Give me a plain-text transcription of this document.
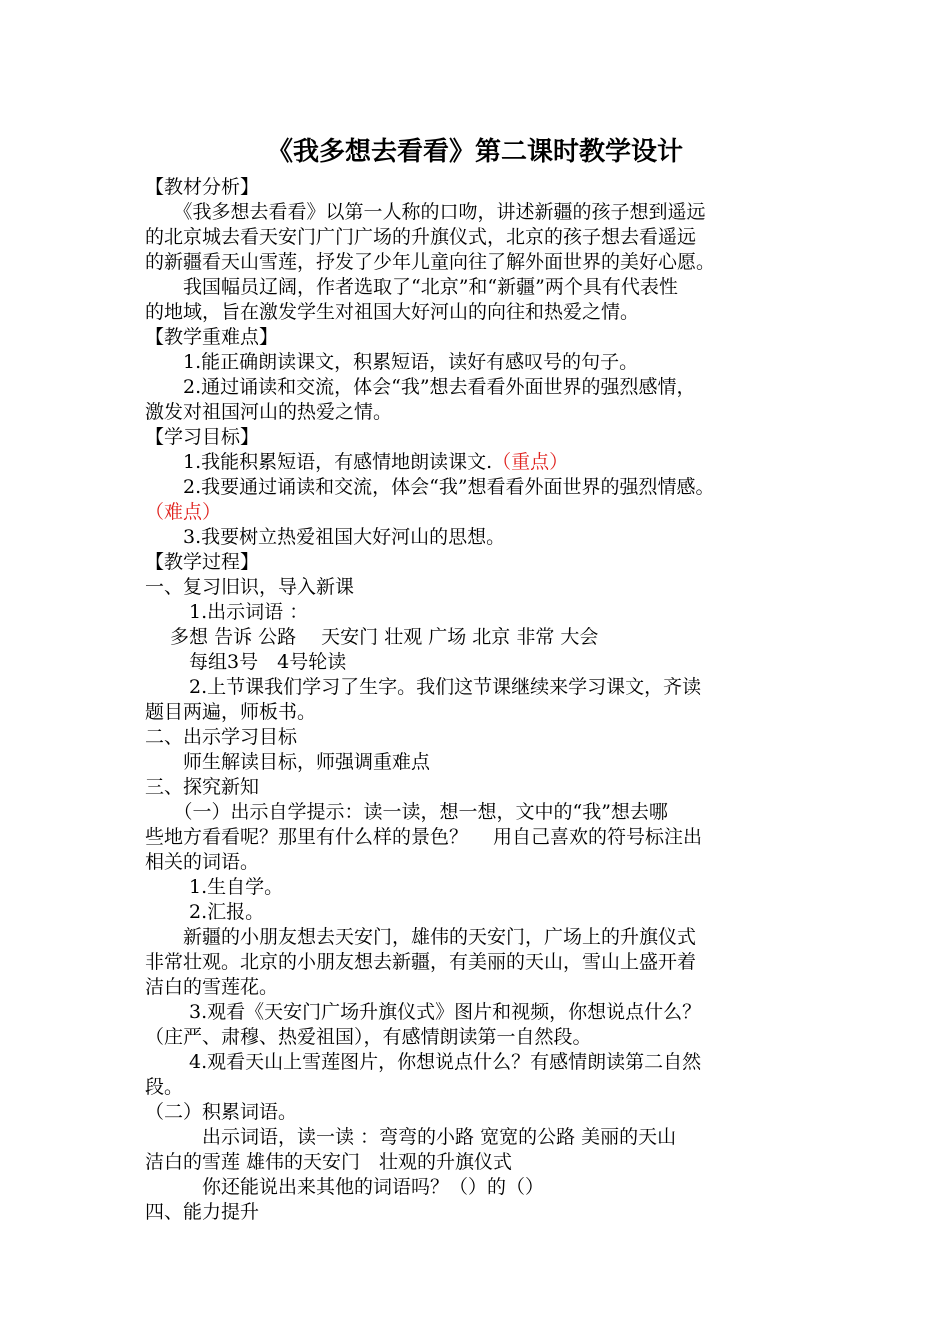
《我多想去看看》第二课时教学设计
【教材分析】
　　《我多想去看看》以第一人称的口吻，讲述新疆的孩子想到遥远
的北京城去看天安门广门广场的升旗仪式，北京的孩子想去看遥远
的新疆看天山雪莲，抒发了少年儿童向往了解外面世界的美好心愿。
　　我国幅员辽阔，作者选取了“北京”和“新疆”两个具有代表性
的地域，旨在激发学生对祖国大好河山的向往和热爱之情。
【教学重难点】
　　1.能正确朗读课文，积累短语，读好有感叹号的句子。
　　2.通过诵读和交流，体会“我”想去看看外面世界的强烈感情，
激发对祖国河山的热爱之情。
【学习目标】
　　1.我能积累短语，有感情地朗读课文.（重点）
　　2.我要通过诵读和交流，体会“我”想看看外面世界的强烈情感。
（难点）
　　3.我要树立热爱祖国大好河山的思想。
【教学过程】
一、复习旧识，导入新课
　　 1.出示词语 ：
　 多想 告诉 公路　 天安门 壮观 广场 北京 非常 大会
　　 每组3号　4号轮读
　　 2.上节课我们学习了生字。我们这节课继续来学习课文，齐读
题目两遍，师板书。
二、出示学习目标
　　师生解读目标，师强调重难点
三、探究新知
　　（一）出示自学提示：读一读，想一想，文中的“我”想去哪
些地方看看呢？那里有什么样的景色？　 用自己喜欢的符号标注出
相关的词语。
　　 1.生自学。
　　 2.汇报。
　　新疆的小朋友想去天安门，雄伟的天安门，广场上的升旗仪式
非常壮观。北京的小朋友想去新疆，有美丽的天山，雪山上盛开着
洁白的雪莲花。
　　 3.观看《天安门广场升旗仪式》图片和视频，你想说点什么？
（庄严、肃穆、热爱祖国），有感情朗读第一自然段。
　　 4.观看天山上雪莲图片，你想说点什么？有感情朗读第二自然
段。
（二）积累词语。
　　　出示词语，读一读 ：弯弯的小路 宽宽的公路 美丽的天山
洁白的雪莲 雄伟的天安门　壮观的升旗仪式
　　　你还能说出来其他的词语吗？（）的（）
四、能力提升
